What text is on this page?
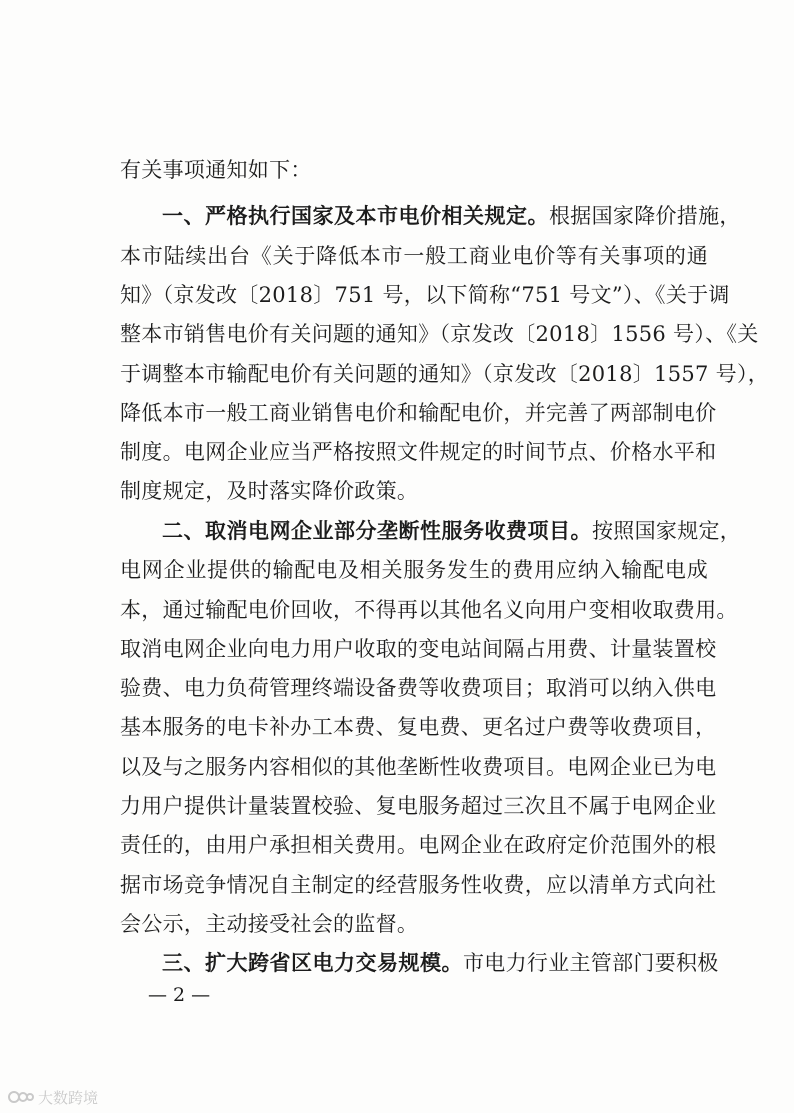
有关事项通知如下：
一、严格执行国家及本市电价相关规定。根据国家降价措施，
本市陆续出台《关于降低本市一般工商业电价等有关事项的通
知》（京发改〔2018〕751 号，以下简称“751 号文”）、《关于调
整本市销售电价有关问题的通知》（京发改〔2018〕1556 号）、《关
于调整本市输配电价有关问题的通知》（京发改〔2018〕1557 号），
降低本市一般工商业销售电价和输配电价，并完善了两部制电价
制度。电网企业应当严格按照文件规定的时间节点、价格水平和
制度规定，及时落实降价政策。
二、取消电网企业部分垄断性服务收费项目。按照国家规定，
电网企业提供的输配电及相关服务发生的费用应纳入输配电成
本，通过输配电价回收，不得再以其他名义向用户变相收取费用。
取消电网企业向电力用户收取的变电站间隔占用费、计量装置校
验费、电力负荷管理终端设备费等收费项目；取消可以纳入供电
基本服务的电卡补办工本费、复电费、更名过户费等收费项目，
以及与之服务内容相似的其他垄断性收费项目。电网企业已为电
力用户提供计量装置校验、复电服务超过三次且不属于电网企业
责任的，由用户承担相关费用。电网企业在政府定价范围外的根
据市场竞争情况自主制定的经营服务性收费，应以清单方式向社
会公示，主动接受社会的监督。
三、扩大跨省区电力交易规模。市电力行业主管部门要积极
— 2 —
大数跨境
